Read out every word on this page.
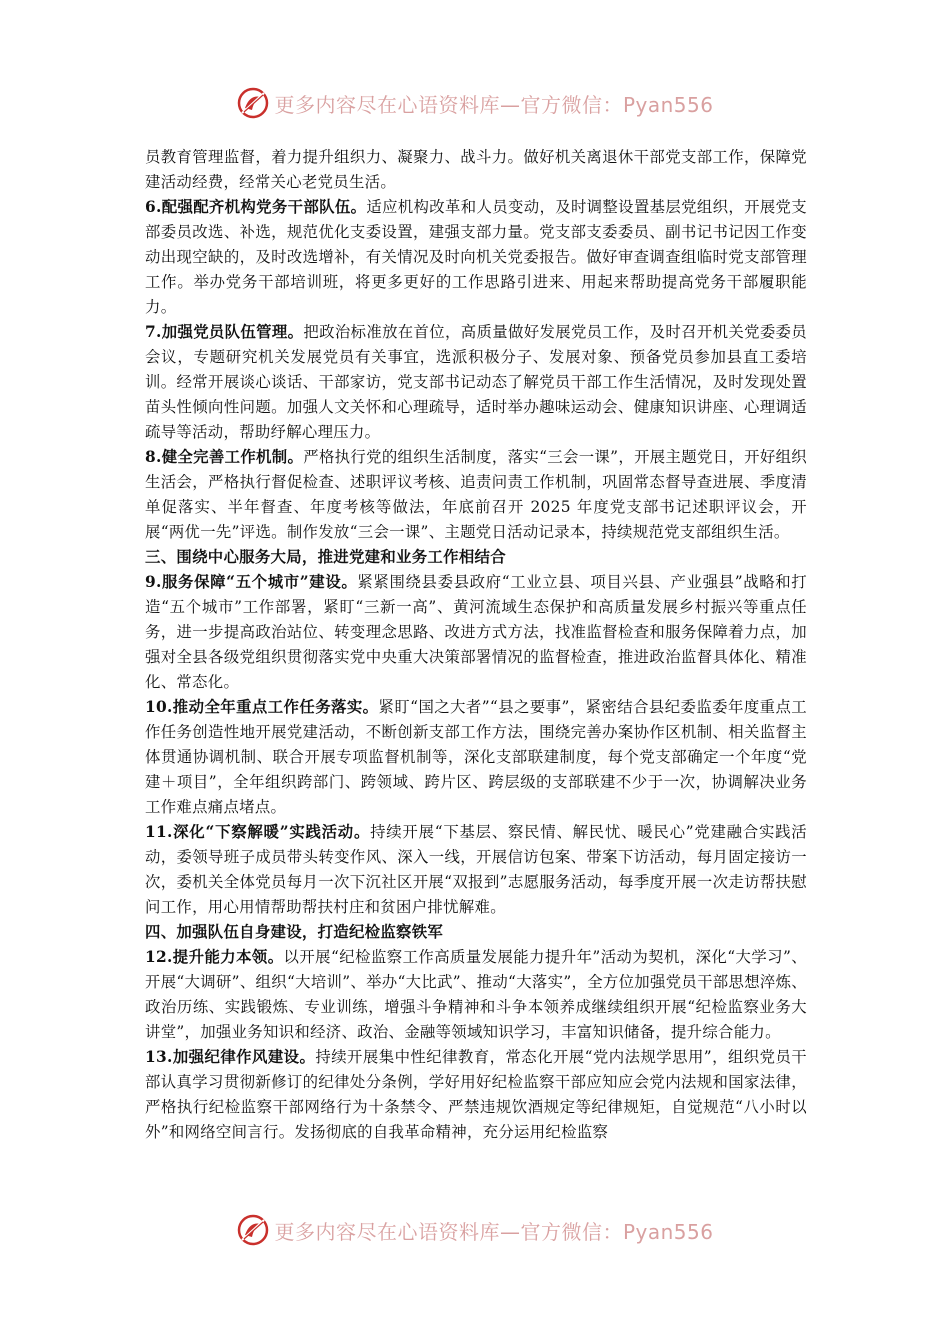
更多内容尽在心语资料库—官方微信：Pyan556

员教育管理监督，着力提升组织力、凝聚力、战斗力。做好机关离退休干部党支部工作，保障党建活动经费，经常关心老党员生活。

6.配强配齐机构党务干部队伍。适应机构改革和人员变动，及时调整设置基层党组织，开展党支部委员改选、补选，规范优化支委设置，建强支部力量。党支部支委委员、副书记书记因工作变动出现空缺的，及时改选增补，有关情况及时向机关党委报告。做好审查调查组临时党支部管理工作。举办党务干部培训班，将更多更好的工作思路引进来、用起来帮助提高党务干部履职能力。

7.加强党员队伍管理。把政治标准放在首位，高质量做好发展党员工作，及时召开机关党委委员会议，专题研究机关发展党员有关事宜，选派积极分子、发展对象、预备党员参加县直工委培训。经常开展谈心谈话、干部家访，党支部书记动态了解党员干部工作生活情况，及时发现处置苗头性倾向性问题。加强人文关怀和心理疏导，适时举办趣味运动会、健康知识讲座、心理调适疏导等活动，帮助纾解心理压力。

8.健全完善工作机制。严格执行党的组织生活制度，落实“三会一课”，开展主题党日，开好组织生活会，严格执行督促检查、述职评议考核、追责问责工作机制，巩固常态督导查进展、季度清单促落实、半年督查、年度考核等做法，年底前召开 2025 年度党支部书记述职评议会，开展“两优一先”评选。制作发放“三会一课”、主题党日活动记录本，持续规范党支部组织生活。

三、围绕中心服务大局，推进党建和业务工作相结合

9.服务保障“五个城市”建设。紧紧围绕县委县政府“工业立县、项目兴县、产业强县”战略和打造“五个城市”工作部署，紧盯“三新一高”、黄河流域生态保护和高质量发展乡村振兴等重点任务，进一步提高政治站位、转变理念思路、改进方式方法，找准监督检查和服务保障着力点，加强对全县各级党组织贯彻落实党中央重大决策部署情况的监督检查，推进政治监督具体化、精准化、常态化。

10.推动全年重点工作任务落实。紧盯“国之大者”“县之要事”，紧密结合县纪委监委年度重点工作任务创造性地开展党建活动，不断创新支部工作方法，围绕完善办案协作区机制、相关监督主体贯通协调机制、联合开展专项监督机制等，深化支部联建制度，每个党支部确定一个年度“党建＋项目”，全年组织跨部门、跨领域、跨片区、跨层级的支部联建不少于一次，协调解决业务工作难点痛点堵点。

11.深化“下察解暖”实践活动。持续开展“下基层、察民情、解民忧、暖民心”党建融合实践活动，委领导班子成员带头转变作风、深入一线，开展信访包案、带案下访活动，每月固定接访一次，委机关全体党员每月一次下沉社区开展“双报到”志愿服务活动，每季度开展一次走访帮扶慰问工作，用心用情帮助帮扶村庄和贫困户排忧解难。

四、加强队伍自身建设，打造纪检监察铁军

12.提升能力本领。以开展“纪检监察工作高质量发展能力提升年”活动为契机，深化“大学习”、开展“大调研”、组织“大培训”、举办“大比武”、推动“大落实”，全方位加强党员干部思想淬炼、政治历练、实践锻炼、专业训练，增强斗争精神和斗争本领养成继续组织开展“纪检监察业务大讲堂”，加强业务知识和经济、政治、金融等领域知识学习，丰富知识储备，提升综合能力。

13.加强纪律作风建设。持续开展集中性纪律教育，常态化开展“党内法规学思用”，组织党员干部认真学习贯彻新修订的纪律处分条例，学好用好纪检监察干部应知应会党内法规和国家法律，严格执行纪检监察干部网络行为十条禁令、严禁违规饮酒规定等纪律规矩，自觉规范“八小时以外”和网络空间言行。发扬彻底的自我革命精神，充分运用纪检监察

更多内容尽在心语资料库—官方微信：Pyan556
